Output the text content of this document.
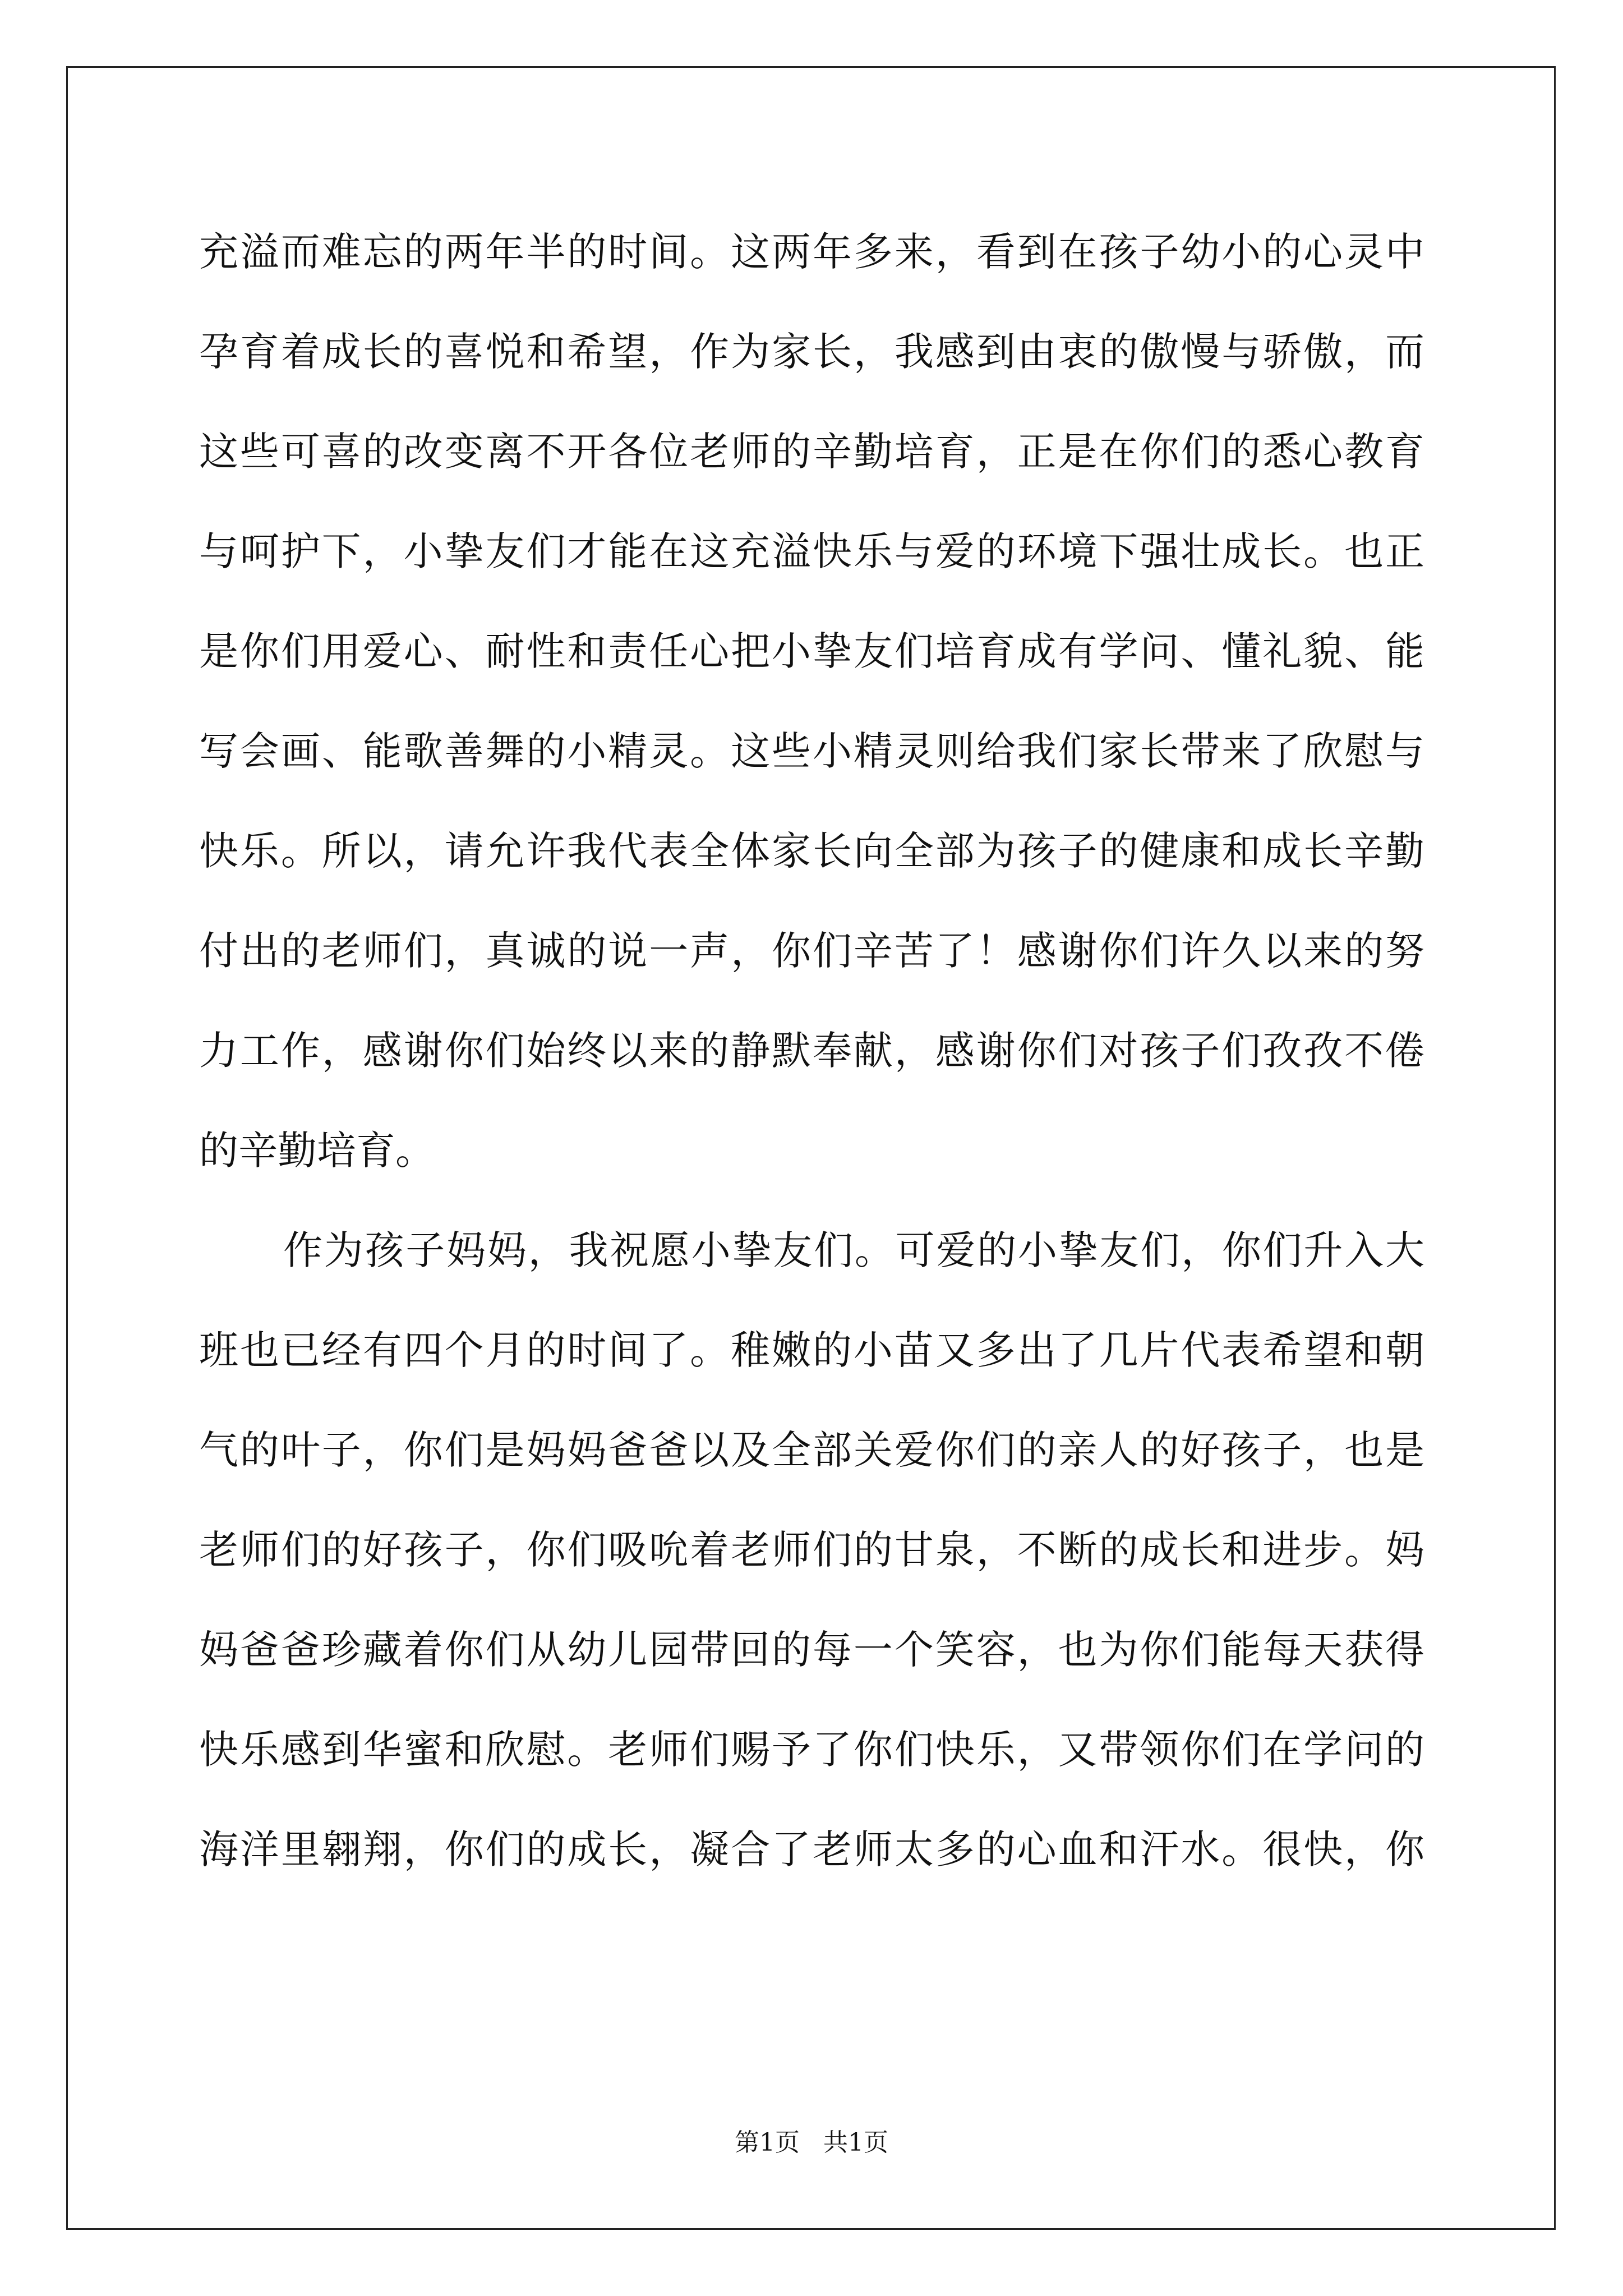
充溢而难忘的两年半的时间。这两年多来，看到在孩子幼小的心灵中
孕育着成长的喜悦和希望，作为家长，我感到由衷的傲慢与骄傲，而
这些可喜的改变离不开各位老师的辛勤培育，正是在你们的悉心教育
与呵护下，小挚友们才能在这充溢快乐与爱的环境下强壮成长。也正
是你们用爱心、耐性和责任心把小挚友们培育成有学问、懂礼貌、能
写会画、能歌善舞的小精灵。这些小精灵则给我们家长带来了欣慰与
快乐。所以，请允许我代表全体家长向全部为孩子的健康和成长辛勤
付出的老师们，真诚的说一声，你们辛苦了！感谢你们许久以来的努
力工作，感谢你们始终以来的静默奉献，感谢你们对孩子们孜孜不倦
的辛勤培育。
作为孩子妈妈，我祝愿小挚友们。可爱的小挚友们，你们升入大
班也已经有四个月的时间了。稚嫩的小苗又多出了几片代表希望和朝
气的叶子，你们是妈妈爸爸以及全部关爱你们的亲人的好孩子，也是
老师们的好孩子，你们吸吮着老师们的甘泉，不断的成长和进步。妈
妈爸爸珍藏着你们从幼儿园带回的每一个笑容，也为你们能每天获得
快乐感到华蜜和欣慰。老师们赐予了你们快乐，又带领你们在学问的
海洋里翱翔，你们的成长，凝合了老师太多的心血和汗水。很快，你
第1页 共1页
